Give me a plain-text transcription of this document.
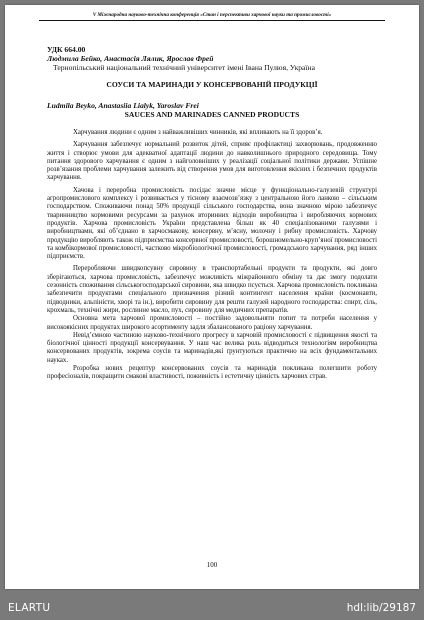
V Міжнародна науково-технічна конференція «Стан і перспективи харчової науки та промисловості»
УДК 664.00
Людмила Бейко, Анастасія Лялик, Ярослав Фрей
Тернопільський національний технічний університет імені Івана Пулюя, Україна
СОУСИ ТА МАРИНАДИ У КОНСЕРВОВАНІЙ ПРОДУКЦІЇ
Ludmila Beyko, Anastasiia Lialyk, Yaroslav Frei
SAUCES AND MARINADES CANNED PRODUCTS

Харчування людини є одним з найважливіших чинників, які впливають на її здоров’я.

Харчування забезпечує нормальний розвиток дітей, сприяє профілактиці захворювань, продовженню життя і створює умови для адекватної адаптації людини до навколишнього природного середовища. Тому питання здорового харчування є одним з найголовніших у реалізації соціальної політики держави. Успішне розв’язання проблеми харчування залежить від створення умов для виготовлення якісних і безпечних продуктів харчування.

Хачова і переробна промисловість посідає значне місце у функціонально-галузевій структурі агропромислового комплексу і розвивається у тісному взаємозв’язку з центральною його ланкою – сільським господарством. Споживаючи понад 50% продукції сільського господарства, вона значною мірою забезпечує тваринництво кормовими ресурсами за рахунок вторинних відходів виробництва і виробляючих кормових продуктів. Харчова промисловість України представлена більш як 40 спеціалізованими галузями і виробництвами, які об’єднано в харчосмакову, консервну, м’ясну, молочну і рибну промисловість. Харчову продукцію виробляють також підприємства консервної промисловості, борошномельно-круп’яної промисловості та комбікормової промисловості, частково мікробіологічної промисловості, громадського харчування, ряд інших підприємств.

Переробляючи швидкопсувну сировину в транспортабельні продукти та продукти, які довго зберігаються, харчова промисловість, забезпечує можливість міжрайонного обміну та дає змогу подолати сезонність споживання сільськогосподарської сировини, яка швидко псується. Харчова промисловість покликана забезпечити продуктами спеціального призначення різний контингент населення країни (космонавти, підводники, альпіністи, хворі та ін.), виробити сировину для решти галузей народного господарства: спирт, сіль, крохмаль, технічні жири, рослинне масло, пух, сировину для медичних препаратів.

Основна мета харчової промисловості – постійно задовольняти попит та потреби населення у високоякісних продуктах широкого асортименту задля збалансованого раціону харчування.

Невід’ємною частиною науково-технічного прогресу в харчовій промисловості є підвищення якості та біологічної цінності продукції консервування. У наш час велика роль відводиться технологіям виробництва консервованих продуктів, зокрема соусів та маринадів,які ґрунтуються практично на всіх фундаментальних науках.

Розробка нових рецептур консервованих соусів та маринадів покликана полегшити роботу професіоналів, покращити смакові властивості, поживність і естетичну цінність харчових страв.

100
ELARTU	hdl:lib/29187
